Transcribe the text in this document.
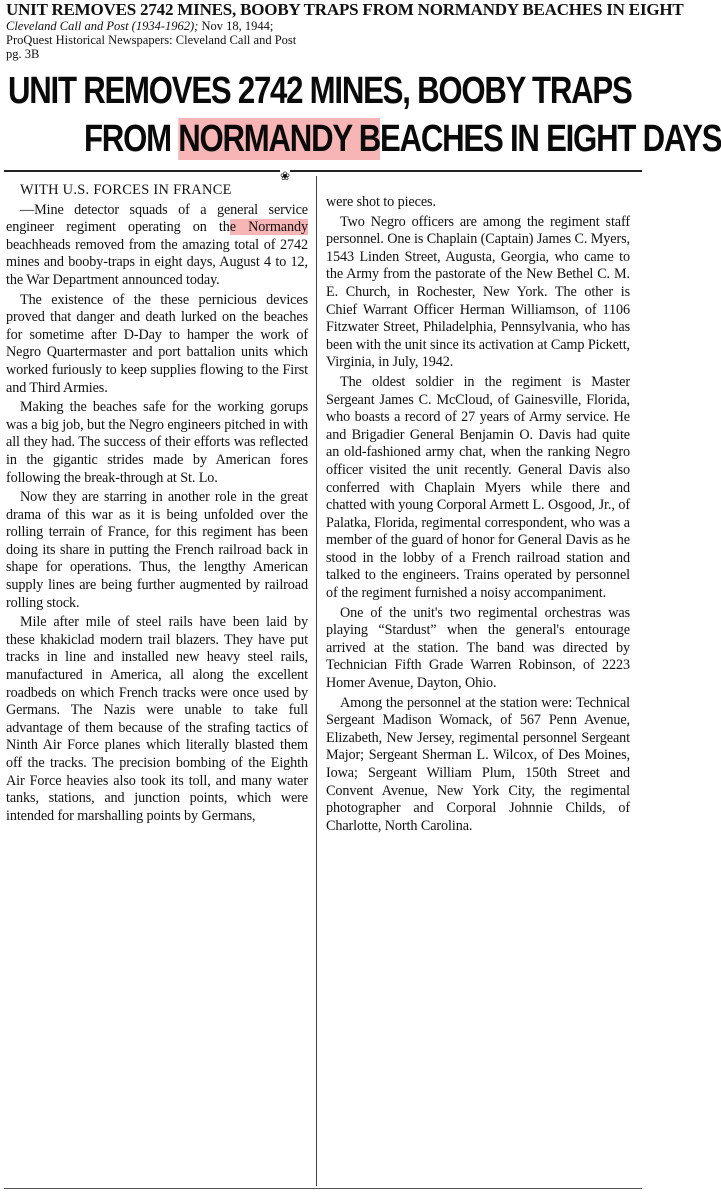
UNIT REMOVES 2742 MINES, BOOBY TRAPS FROM NORMANDY BEACHES IN EIGHT
Cleveland Call and Post (1934-1962); Nov 18, 1944;
ProQuest Historical Newspapers: Cleveland Call and Post
pg. 3B
UNIT REMOVES 2742 MINES, BOOBY TRAPS
FROM NORMANDY BEACHES IN EIGHT DAYS
❀

WITH U.S. FORCES IN FRANCE

—Mine detector squads of a general service engineer regiment operating on the Normandy beachheads removed from the amazing total of 2742 mines and booby-traps in eight days, August 4 to 12, the War Department announced today.

The existence of the these pernicious devices proved that danger and death lurked on the beaches for sometime after D-Day to hamper the work of Negro Quartermaster and port battalion units which worked furiously to keep supplies flowing to the First and Third Armies.

Making the beaches safe for the working gorups was a big job, but the Negro engineers pitched in with all they had. The success of their efforts was reflected in the gigantic strides made by American fores following the break-through at St. Lo.

Now they are starring in another role in the great drama of this war as it is being unfolded over the rolling terrain of France, for this regiment has been doing its share in putting the French railroad back in shape for operations. Thus, the lengthy American supply lines are being further augmented by railroad rolling stock.

Mile after mile of steel rails have been laid by these khakiclad modern trail blazers. They have put tracks in line and installed new heavy steel rails, manufactured in America, all along the excellent roadbeds on which French tracks were once used by Germans. The Nazis were unable to take full advantage of them because of the strafing tactics of Ninth Air Force planes which literally blasted them off the tracks. The precision bombing of the Eighth Air Force heavies also took its toll, and many water tanks, stations, and junction points, which were intended for marshalling points by Germans,

were shot to pieces.

Two Negro officers are among the regiment staff personnel. One is Chaplain (Captain) James C. Myers, 1543 Linden Street, Augusta, Georgia, who came to the Army from the pastorate of the New Bethel C. M. E. Church, in Rochester, New York. The other is Chief Warrant Officer Herman Williamson, of 1106 Fitzwater Street, Philadelphia, Pennsylvania, who has been with the unit since its activation at Camp Pickett, Virginia, in July, 1942.

The oldest soldier in the regiment is Master Sergeant James C. McCloud, of Gainesville, Florida, who boasts a record of 27 years of Army service. He and Brigadier General Benjamin O. Davis had quite an old-fashioned army chat, when the ranking Negro officer visited the unit recently. General Davis also conferred with Chaplain Myers while there and chatted with young Corporal Armett L. Osgood, Jr., of Palatka, Florida, regimental correspondent, who was a member of the guard of honor for General Davis as he stood in the lobby of a French railroad station and talked to the engineers. Trains operated by personnel of the regiment furnished a noisy accompaniment.

One of the unit's two regimental orchestras was playing “Stardust” when the general's entourage arrived at the station. The band was directed by Technician Fifth Grade Warren Robinson, of 2223 Homer Avenue, Dayton, Ohio.

Among the personnel at the station were: Technical Sergeant Madison Womack, of 567 Penn Avenue, Elizabeth, New Jersey, regimental personnel Sergeant Major; Sergeant Sherman L. Wilcox, of Des Moines, Iowa; Sergeant William Plum, 150th Street and Convent Avenue, New York City, the regimental photographer and Corporal Johnnie Childs, of Charlotte, North Carolina.
